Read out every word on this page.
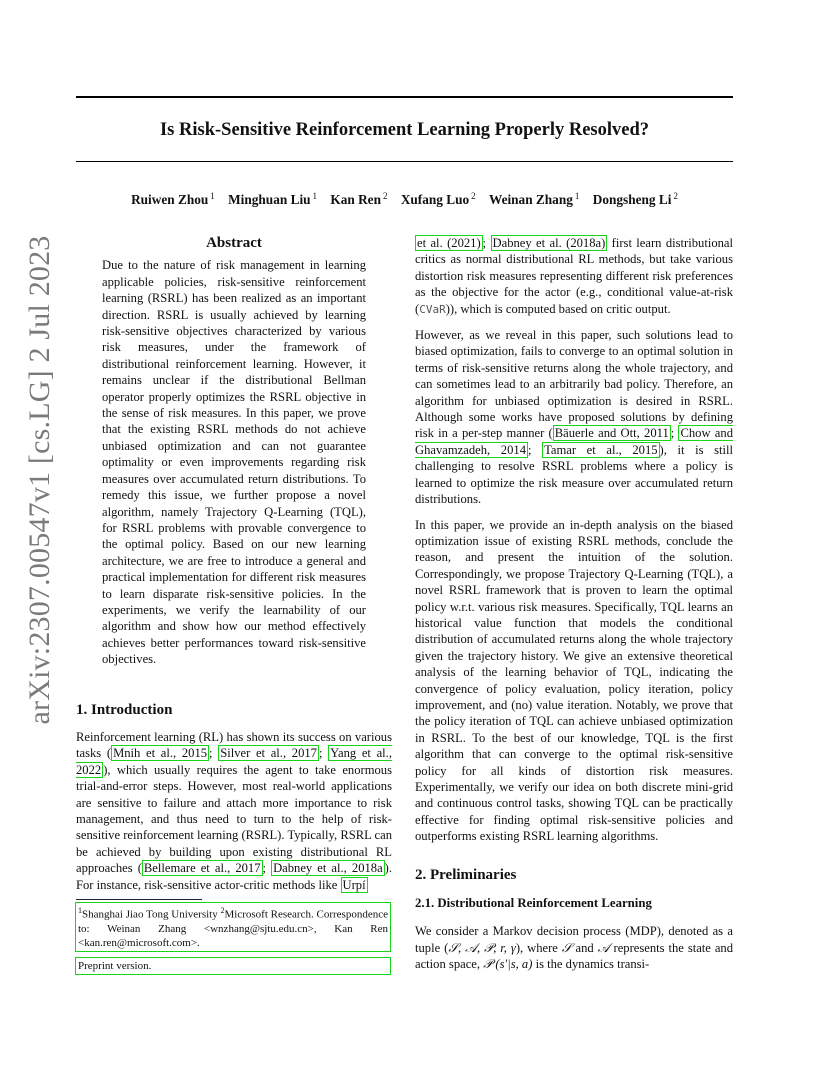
Is Risk-Sensitive Reinforcement Learning Properly Resolved?
Ruiwen Zhou $^1$ Minghuan Liu $^1$ Kan Ren $^2$ Xufang Luo $^2$ Weinan Zhang $^1$ Dongsheng Li $^2$
arXiv:2307.00547v1 [cs.LG] 2 Jul 2023	Abstract

Due to the nature of risk management in learning applicable policies, risk-sensitive reinforcement learning (RSRL) has been realized as an important direction. RSRL is usually achieved by learning risk-sensitive objectives characterized by various risk measures, under the framework of distributional reinforcement learning. However, it remains unclear if the distributional Bellman operator properly optimizes the RSRL objective in the sense of risk measures. In this paper, we prove that the existing RSRL methods do not achieve unbiased optimization and can not guarantee optimality or even improvements regarding risk measures over accumulated return distributions. To remedy this issue, we further propose a novel algorithm, namely Trajectory Q-Learning (TQL), for RSRL problems with provable convergence to the optimal policy. Based on our new learning architecture, we are free to introduce a general and practical implementation for different risk measures to learn disparate risk-sensitive policies. In the experiments, we verify the learnability of our algorithm and show how our method effectively achieves better performances toward risk-sensitive objectives.

1. Introduction

Reinforcement learning (RL) has shown its success on various tasks ( Mnih et al., 2015 ; Silver et al., 2017 ; Yang et al., 2022 ), which usually requires the agent to take enormous trial-and-error steps. However, most real-world applications are sensitive to failure and attach more importance to risk management, and thus need to turn to the help of risk-sensitive reinforcement learning (RSRL). Typically, RSRL can be achieved by building upon existing distributional RL approaches ( Bellemare et al., 2017 ; Dabney et al., 2018a ). For instance, risk-sensitive actor-critic methods like Urpí

$^1$Shanghai Jiao Tong University $^2$Microsoft Research. Correspondence to: Weinan Zhang <wnzhang@sjtu.edu.cn>, Kan Ren <kan.ren@microsoft.com>.
Preprint version.

et al. (2021) ; Dabney et al. (2018a) first learn distributional critics as normal distributional RL methods, but take various distortion risk measures representing different risk preferences as the objective for the actor (e.g., conditional value-at-risk (CVaR)), which is computed based on critic output.

However, as we reveal in this paper, such solutions lead to biased optimization, fails to converge to an optimal solution in terms of risk-sensitive returns along the whole trajectory, and can sometimes lead to an arbitrarily bad policy. Therefore, an algorithm for unbiased optimization is desired in RSRL. Although some works have proposed solutions by defining risk in a per-step manner ( Bäuerle and Ott, 2011 ; Chow and Ghavamzadeh, 2014 ; Tamar et al., 2015 ), it is still challenging to resolve RSRL problems where a policy is learned to optimize the risk measure over accumulated return distributions.

In this paper, we provide an in-depth analysis on the biased optimization issue of existing RSRL methods, conclude the reason, and present the intuition of the solution. Correspondingly, we propose Trajectory Q-Learning (TQL), a novel RSRL framework that is proven to learn the optimal policy w.r.t. various risk measures. Specifically, TQL learns an historical value function that models the conditional distribution of accumulated returns along the whole trajectory given the trajectory history. We give an extensive theoretical analysis of the learning behavior of TQL, indicating the convergence of policy evaluation, policy iteration, policy improvement, and (no) value iteration. Notably, we prove that the policy iteration of TQL can achieve unbiased optimization in RSRL. To the best of our knowledge, TQL is the first algorithm that can converge to the optimal risk-sensitive policy for all kinds of distortion risk measures. Experimentally, we verify our idea on both discrete mini-grid and continuous control tasks, showing TQL can be practically effective for finding optimal risk-sensitive policies and outperforms existing RSRL learning algorithms.

2. Preliminaries
2.1. Distributional Reinforcement Learning

We consider a Markov decision process (MDP), denoted as a tuple (𝒮, 𝒜, 𝒫, r, γ), where 𝒮 and 𝒜 represents the state and action space, 𝒫 (s′|s, a) is the dynamics transi-
